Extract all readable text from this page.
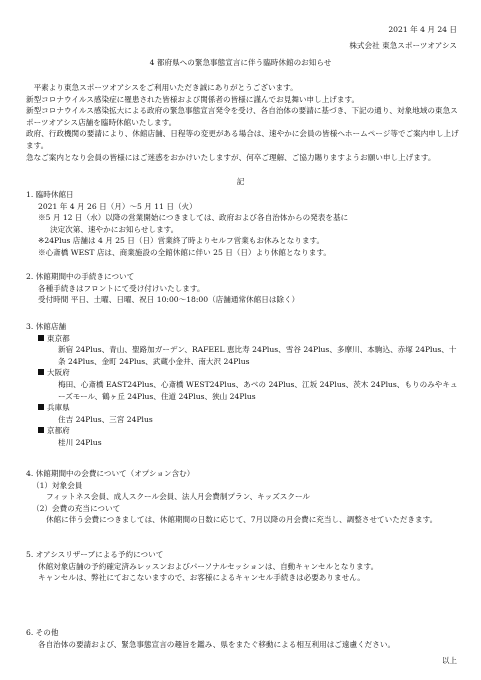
2021 年 4 月 24 日
株式会社 東急スポーツオアシス
4 都府県への緊急事態宣言に伴う臨時休館のお知らせ

平素より東急スポーツオアシスをご利用いただき誠にありがとうございます。

新型コロナウイルス感染症に罹患された皆様および関係者の皆様に謹んでお見舞い申し上げます。

新型コロナウイルス感染拡大による政府の緊急事態宣言発令を受け、各自治体の要請に基づき、下記の通り、対象地域の東急スポーツオアシス店舗を臨時休館いたします。

政府、行政機関の要請により、休館店舗、日程等の変更がある場合は、速やかに会員の皆様へホームページ等でご案内申し上げます。

急なご案内となり会員の皆様にはご迷惑をおかけいたしますが、何卒ご理解、ご協力賜りますようお願い申し上げます。

記

1. 臨時休館日

2021 年 4 月 26 日（月）～5 月 11 日（火）

※5 月 12 日（水）以降の営業開始につきましては、政府および各自治体からの発表を基に

決定次第、速やかにお知らせします。

※24Plus 店舗は 4 月 25 日（日）営業終了時よりセルフ営業もお休みとなります。

※心斎橋 WEST 店は、商業施設の全館休館に伴い 25 日（日）より休館となります。

2. 休館期間中の手続きについて

各種手続きはフロントにて受け付けいたします。

受付時間 平日、土曜、日曜、祝日 10:00～18:00（店舗通常休館日は除く）

3. 休館店舗

東京都

新宿 24Plus、青山、聖路加ガーデン、RAFEEL 恵比寿 24Plus、雪谷 24Plus、多摩川、本駒込、赤塚 24Plus、十条 24Plus、金町 24Plus、武蔵小金井、南大沢 24Plus

大阪府

梅田、心斎橋 EAST24Plus、心斎橋 WEST24Plus、あべの 24Plus、江坂 24Plus、茨木 24Plus、もりのみやキューズモール、鶴ヶ丘 24Plus、住道 24Plus、狭山 24Plus

兵庫県

住吉 24Plus、三宮 24Plus

京都府

桂川 24Plus

4. 休館期間中の会費について（オプション含む）

（1）対象会員

フィットネス会員、成人スクール会員、法人月会費制プラン、キッズスクール

（2）会費の充当について

休館に伴う会費につきましては、休館期間の日数に応じて、7月以降の月会費に充当し、調整させていただきます。

5. オアシスリザーブによる予約について

休館対象店舗の予約確定済みレッスンおよびパーソナルセッションは、自動キャンセルとなります。

キャンセルは、弊社にておこないますので、お客様によるキャンセル手続きは必要ありません。

6. その他

各自治体の要請および、緊急事態宣言の趣旨を鑑み、県をまたぐ移動による相互利用はご遠慮ください。

以上
